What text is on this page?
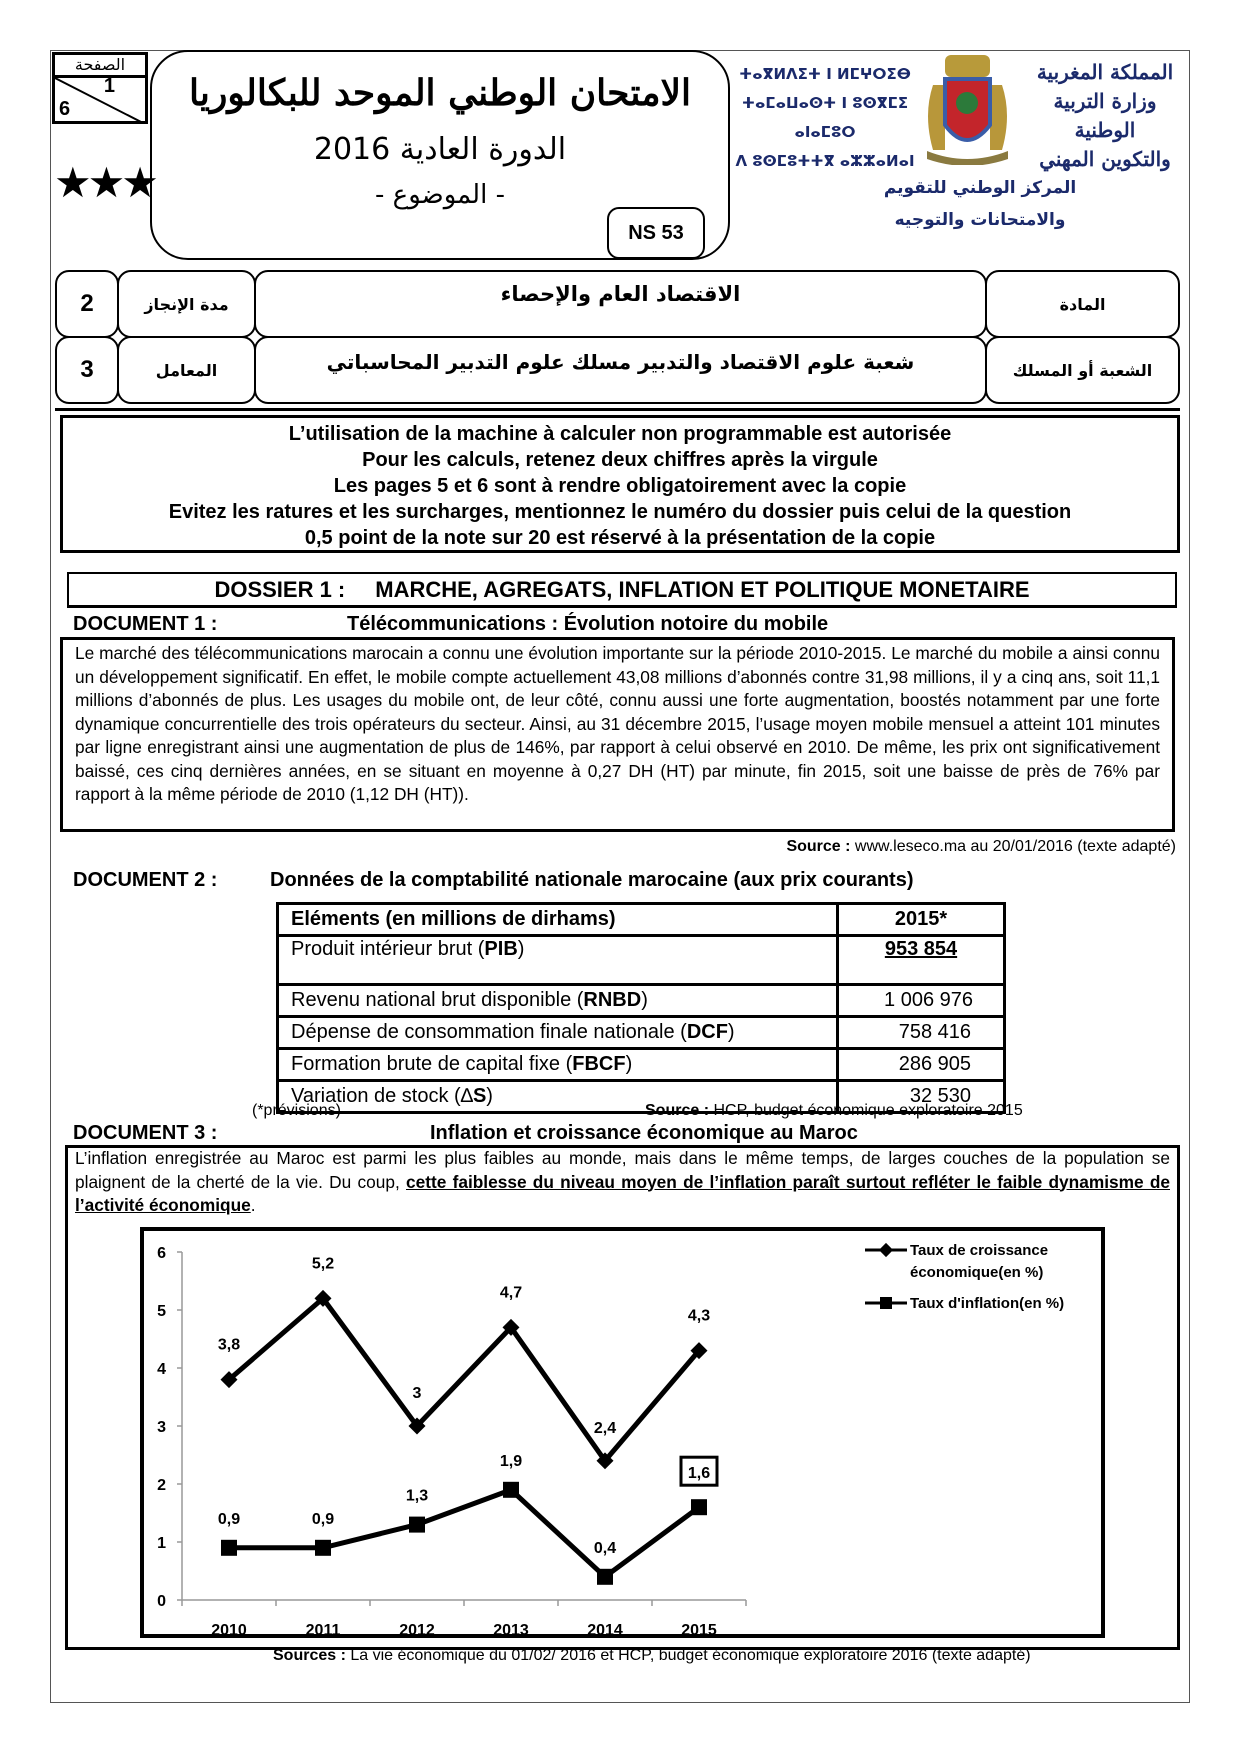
الصفحة
1
6
★★★
الامتحان الوطني الموحد للبكالوريا
الدورة العادية 2016
- الموضوع -
NS 53
ⵜⴰⴳⵍⴷⵉⵜ ⵏ ⵍⵎⵖⵔⵉⴱ
ⵜⴰⵎⴰⵡⴰⵙⵜ ⵏ ⵓⵙⴳⵎⵉ ⴰⵏⴰⵎⵓⵔ
ⴷ ⵓⵙⵎⵓⵜⵜⴳ ⴰⵣⵣⴰⵍⴰⵏ
المملكة المغربية
وزارة التربية الوطنية
والتكوين المهني
المركز الوطني للتقويم
والامتحانات والتوجيه
2	مدة الإنجاز	الاقتصاد العام والإحصاء	المادة
3	المعامل	شعبة علوم الاقتصاد والتدبير مسلك علوم التدبير المحاسباتي	الشعبة أو المسلك
L’utilisation de la machine à calculer non programmable est autorisée
Pour les calculs, retenez deux chiffres après la virgule
Les pages 5 et 6 sont à rendre obligatoirement avec la copie
Evitez les ratures et les surcharges, mentionnez le numéro du dossier puis celui de la question
0,5 point de la note sur 20 est réservé à la présentation de la copie
DOSSIER 1 : MARCHE, AGREGATS, INFLATION ET POLITIQUE MONETAIRE
DOCUMENT 1 :	Télécommunications : Évolution notoire du mobile
Le marché des télécommunications marocain a connu une évolution importante sur la période 2010-2015. Le marché du mobile a ainsi connu un développement significatif. En effet, le mobile compte actuellement 43,08 millions d’abonnés contre 31,98 millions, il y a cinq ans, soit 11,1 millions d’abonnés de plus. Les usages du mobile ont, de leur côté, connu aussi une forte augmentation, boostés notamment par une forte dynamique concurrentielle des trois opérateurs du secteur. Ainsi, au 31 décembre 2015, l’usage moyen mobile mensuel a atteint 101 minutes par ligne enregistrant ainsi une augmentation de plus de 146%, par rapport à celui observé en 2010. De même, les prix ont significativement baissé, ces cinq dernières années, en se situant en moyenne à 0,27 DH (HT) par minute, fin 2015, soit une baisse de près de 76% par rapport à la même période de 2010 (1,12 DH (HT)).
Source : www.leseco.ma au 20/01/2016 (texte adapté)
DOCUMENT 2 :	Données de la comptabilité nationale marocaine (aux prix courants)
Eléments (en millions de dirhams)	2015*
Produit intérieur brut (PIB)	953 854
Revenu national brut disponible (RNBD)	1 006 976
Dépense de consommation finale nationale (DCF)	758 416
Formation brute de capital fixe (FBCF)	286 905
Variation de stock (∆S)	32 530
(*prévisions)	Source : HCP, budget économique exploratoire 2015
DOCUMENT 3 :	Inflation et croissance économique au Maroc
L’inflation enregistrée au Maroc est parmi les plus faibles au monde, mais dans le même temps, de larges couches de la population se plaignent de la cherté de la vie. Du coup, cette faiblesse du niveau moyen de l’inflation paraît surtout refléter le faible dynamisme de l’activité économique.
0
1
2
3
4
5
6
2010	2011	2012	2013	2014	2015
3,8
5,2
3
4,7
2,4
4,3
0,9	0,9
1,3
1,9
0,4
1,6
Taux de croissance
économique(en %)
Taux d'inflation(en %)
Sources : La vie économique du 01/02/ 2016 et HCP, budget économique exploratoire 2016 (texte adapté)
